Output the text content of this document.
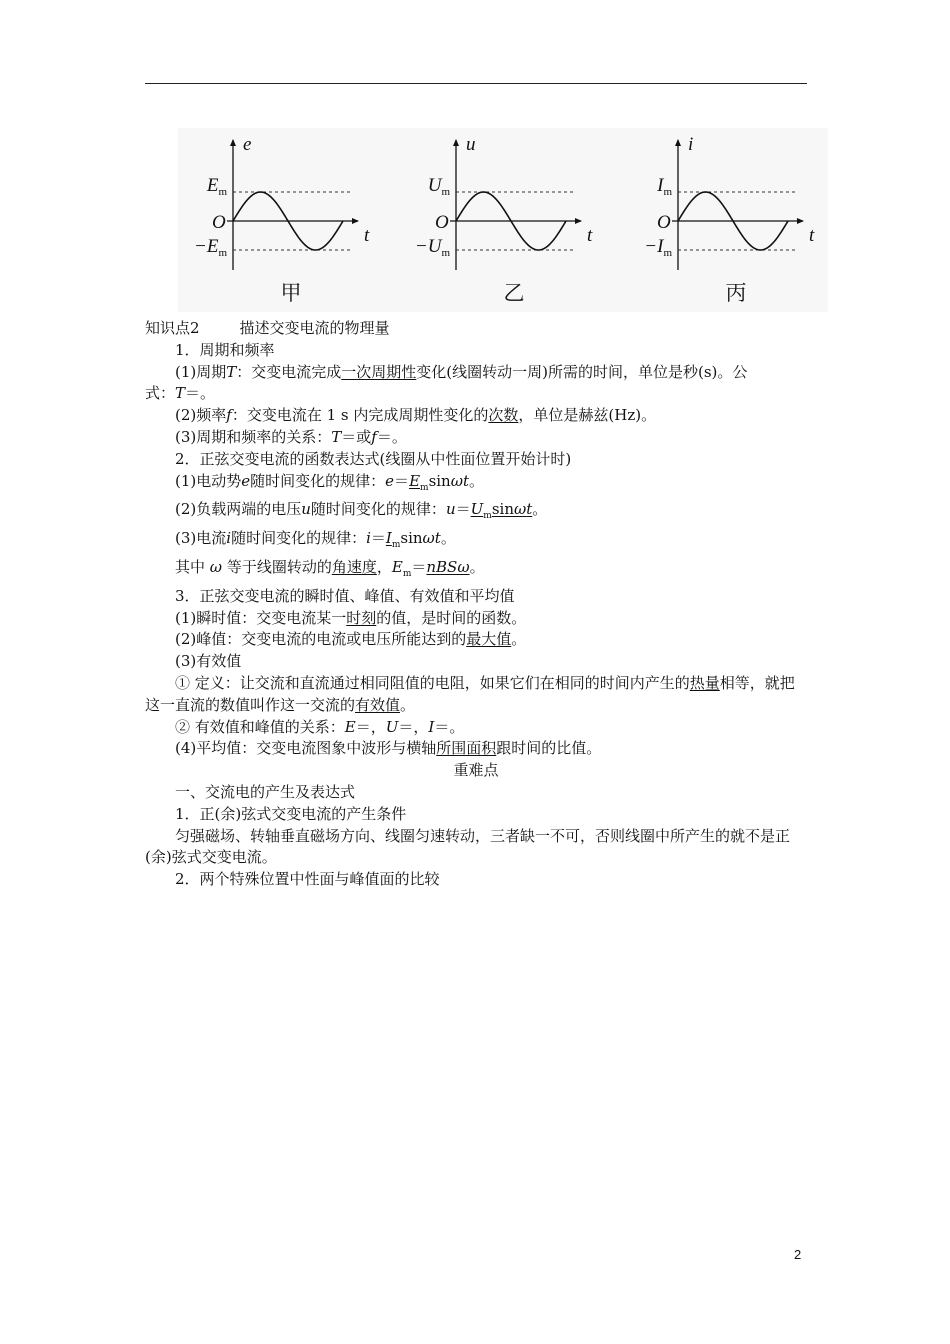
e
t
O
$E_m$
$-E_m$
甲
u
t
O
$U_m$
$-U_m$
乙
i
t
O
$I_m$
$-I_m$
丙
知识点2	描述交变电流的物理量
1．周期和频率
(1)周期T：交变电流完成一次周期性变化(线圈转动一周)所需的时间，单位是秒(s)。公
式：T＝。
(2)频率f：交变电流在 1 s 内完成周期性变化的次数，单位是赫兹(Hz)。
(3)周期和频率的关系：T＝或f＝。
2．正弦交变电流的函数表达式(线圈从中性面位置开始计时)
(1)电动势e随时间变化的规律：$e=E_m\sin\omega t$。
(2)负载两端的电压u随时间变化的规律：$u=U_m\sin\omega t$。
(3)电流i随时间变化的规律：$i=I_m\sin\omega t$。
其中 ω 等于线圈转动的角速度，$E_m=nBS\omega$。
3．正弦交变电流的瞬时值、峰值、有效值和平均值
(1)瞬时值：交变电流某一时刻的值，是时间的函数。
(2)峰值：交变电流的电流或电压所能达到的最大值。
(3)有效值
① 定义：让交流和直流通过相同阻值的电阻，如果它们在相同的时间内产生的热量相等，就把这一直流的数值叫作这一交流的有效值。
② 有效值和峰值的关系：E＝，U＝，I＝。
(4)平均值：交变电流图象中波形与横轴所围面积跟时间的比值。
重难点
一、交流电的产生及表达式
1．正(余)弦式交变电流的产生条件
匀强磁场、转轴垂直磁场方向、线圈匀速转动，三者缺一不可，否则线圈中所产生的就不是正(余)弦式交变电流。
2．两个特殊位置中性面与峰值面的比较
2
